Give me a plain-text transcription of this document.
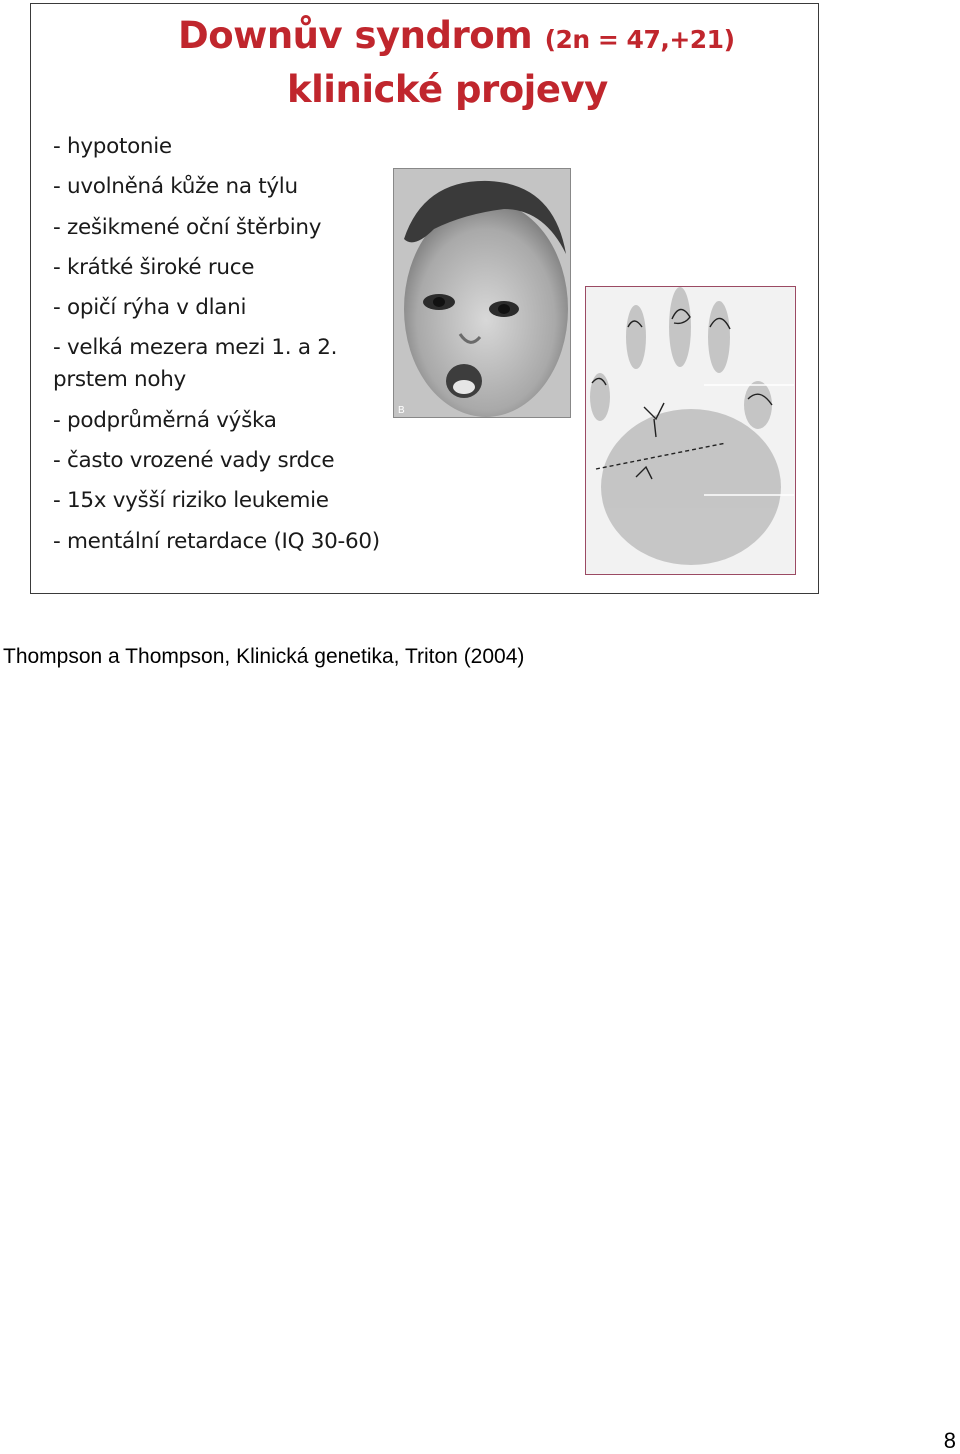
Downův syndrom (2n = 47,+21)
klinické projevy
- hypotonie
- uvolněná kůže na týlu
- zešikmené oční štěrbiny
- krátké široké ruce
- opičí rýha v dlani
- velká mezera mezi 1. a 2. prstem nohy
- podprůměrná výška
- často vrozené vady srdce
- 15x vyšší riziko leukemie
- mentální retardace (IQ 30-60)
B
Thompson a Thompson, Klinická genetika, Triton (2004)
8
